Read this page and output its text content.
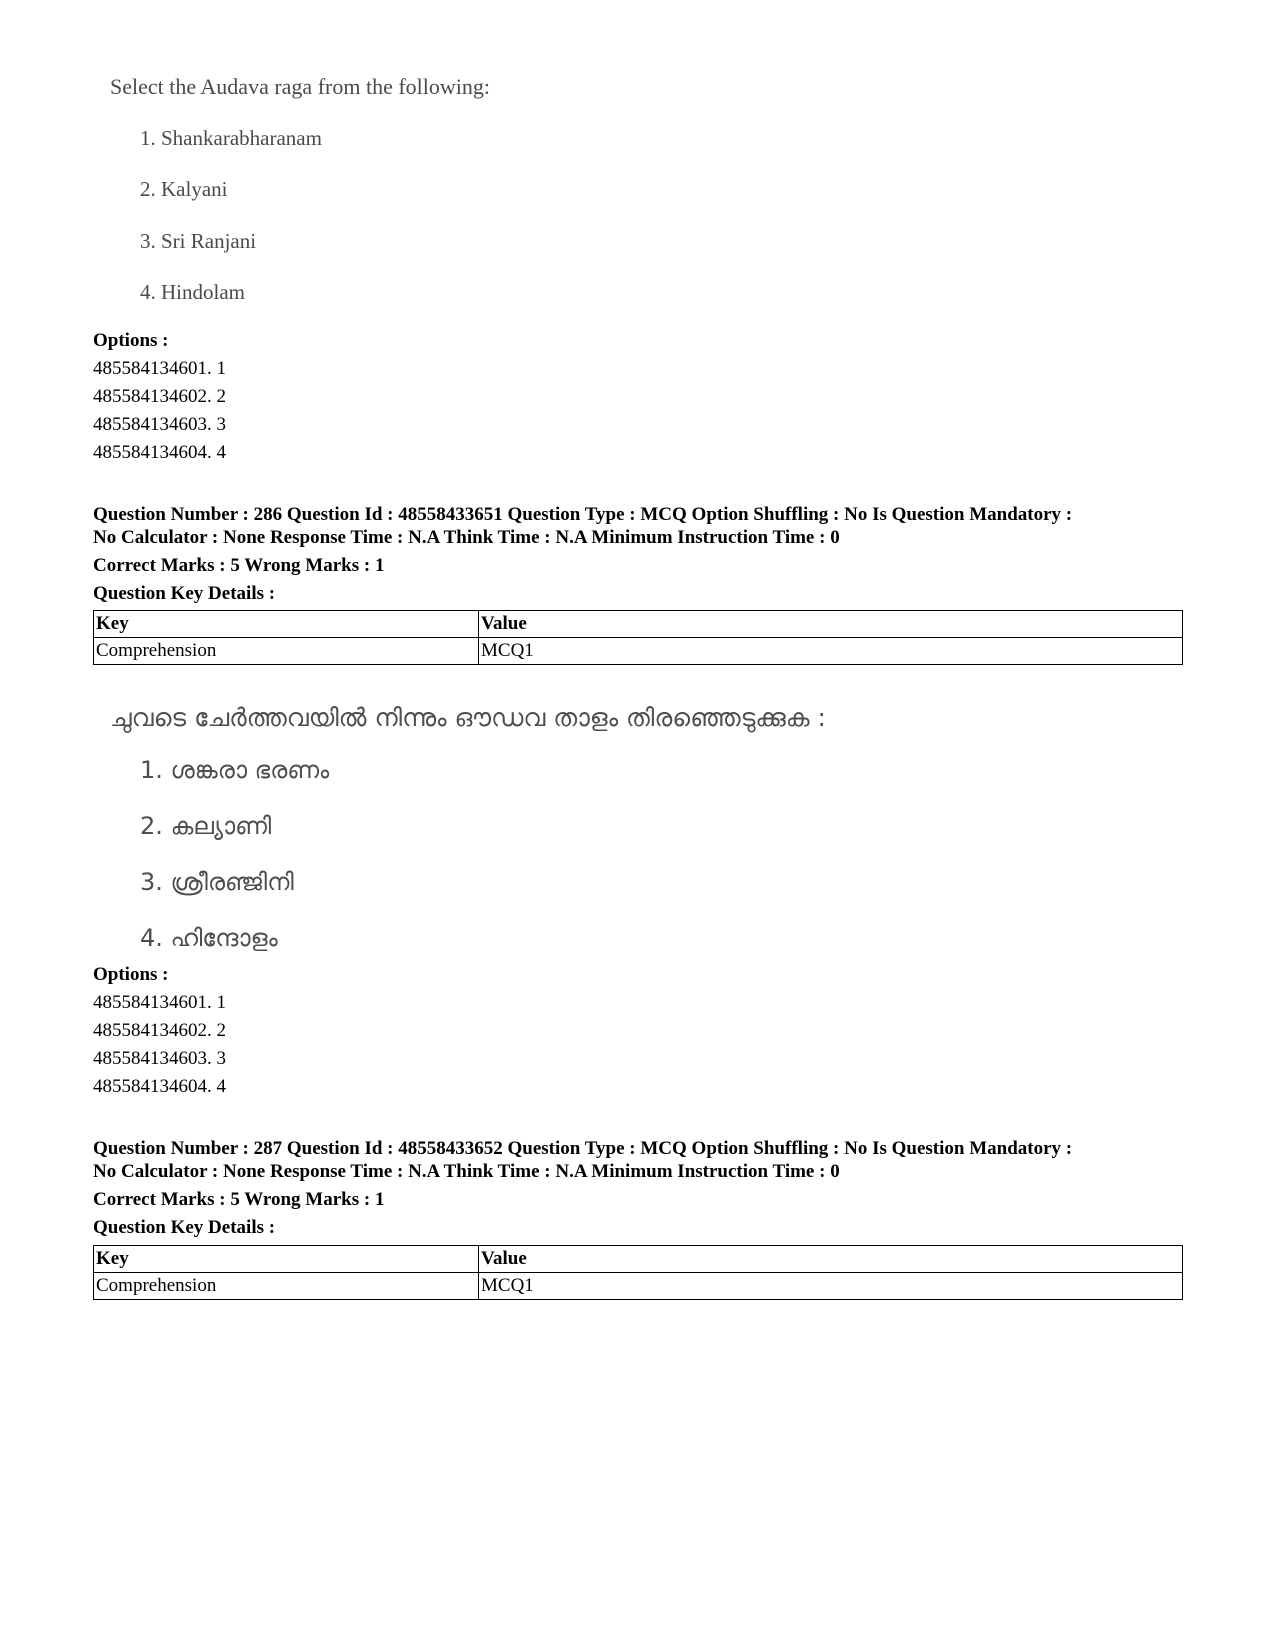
Select the Audava raga from the following:
1. Shankarabharanam
2. Kalyani
3. Sri Ranjani
4. Hindolam
Options :
485584134601. 1
485584134602. 2
485584134603. 3
485584134604. 4
Question Number : 286 Question Id : 48558433651 Question Type : MCQ Option Shuffling : No Is Question Mandatory :
No Calculator : None Response Time : N.A Think Time : N.A Minimum Instruction Time : 0
Correct Marks : 5 Wrong Marks : 1
Question Key Details :
Key	Value
Comprehension	MCQ1
ചുവടെ ചേർത്തവയിൽ നിന്നും ഔഡവ താളം തിരഞ്ഞെടുക്കുക :
1. ശങ്കരാ ഭരണം
2. കല്യാണി
3. ശ്രീരഞ്ജിനി
4. ഹിന്ദോളം
Options :
485584134601. 1
485584134602. 2
485584134603. 3
485584134604. 4
Question Number : 287 Question Id : 48558433652 Question Type : MCQ Option Shuffling : No Is Question Mandatory :
No Calculator : None Response Time : N.A Think Time : N.A Minimum Instruction Time : 0
Correct Marks : 5 Wrong Marks : 1
Question Key Details :
Key	Value
Comprehension	MCQ1
